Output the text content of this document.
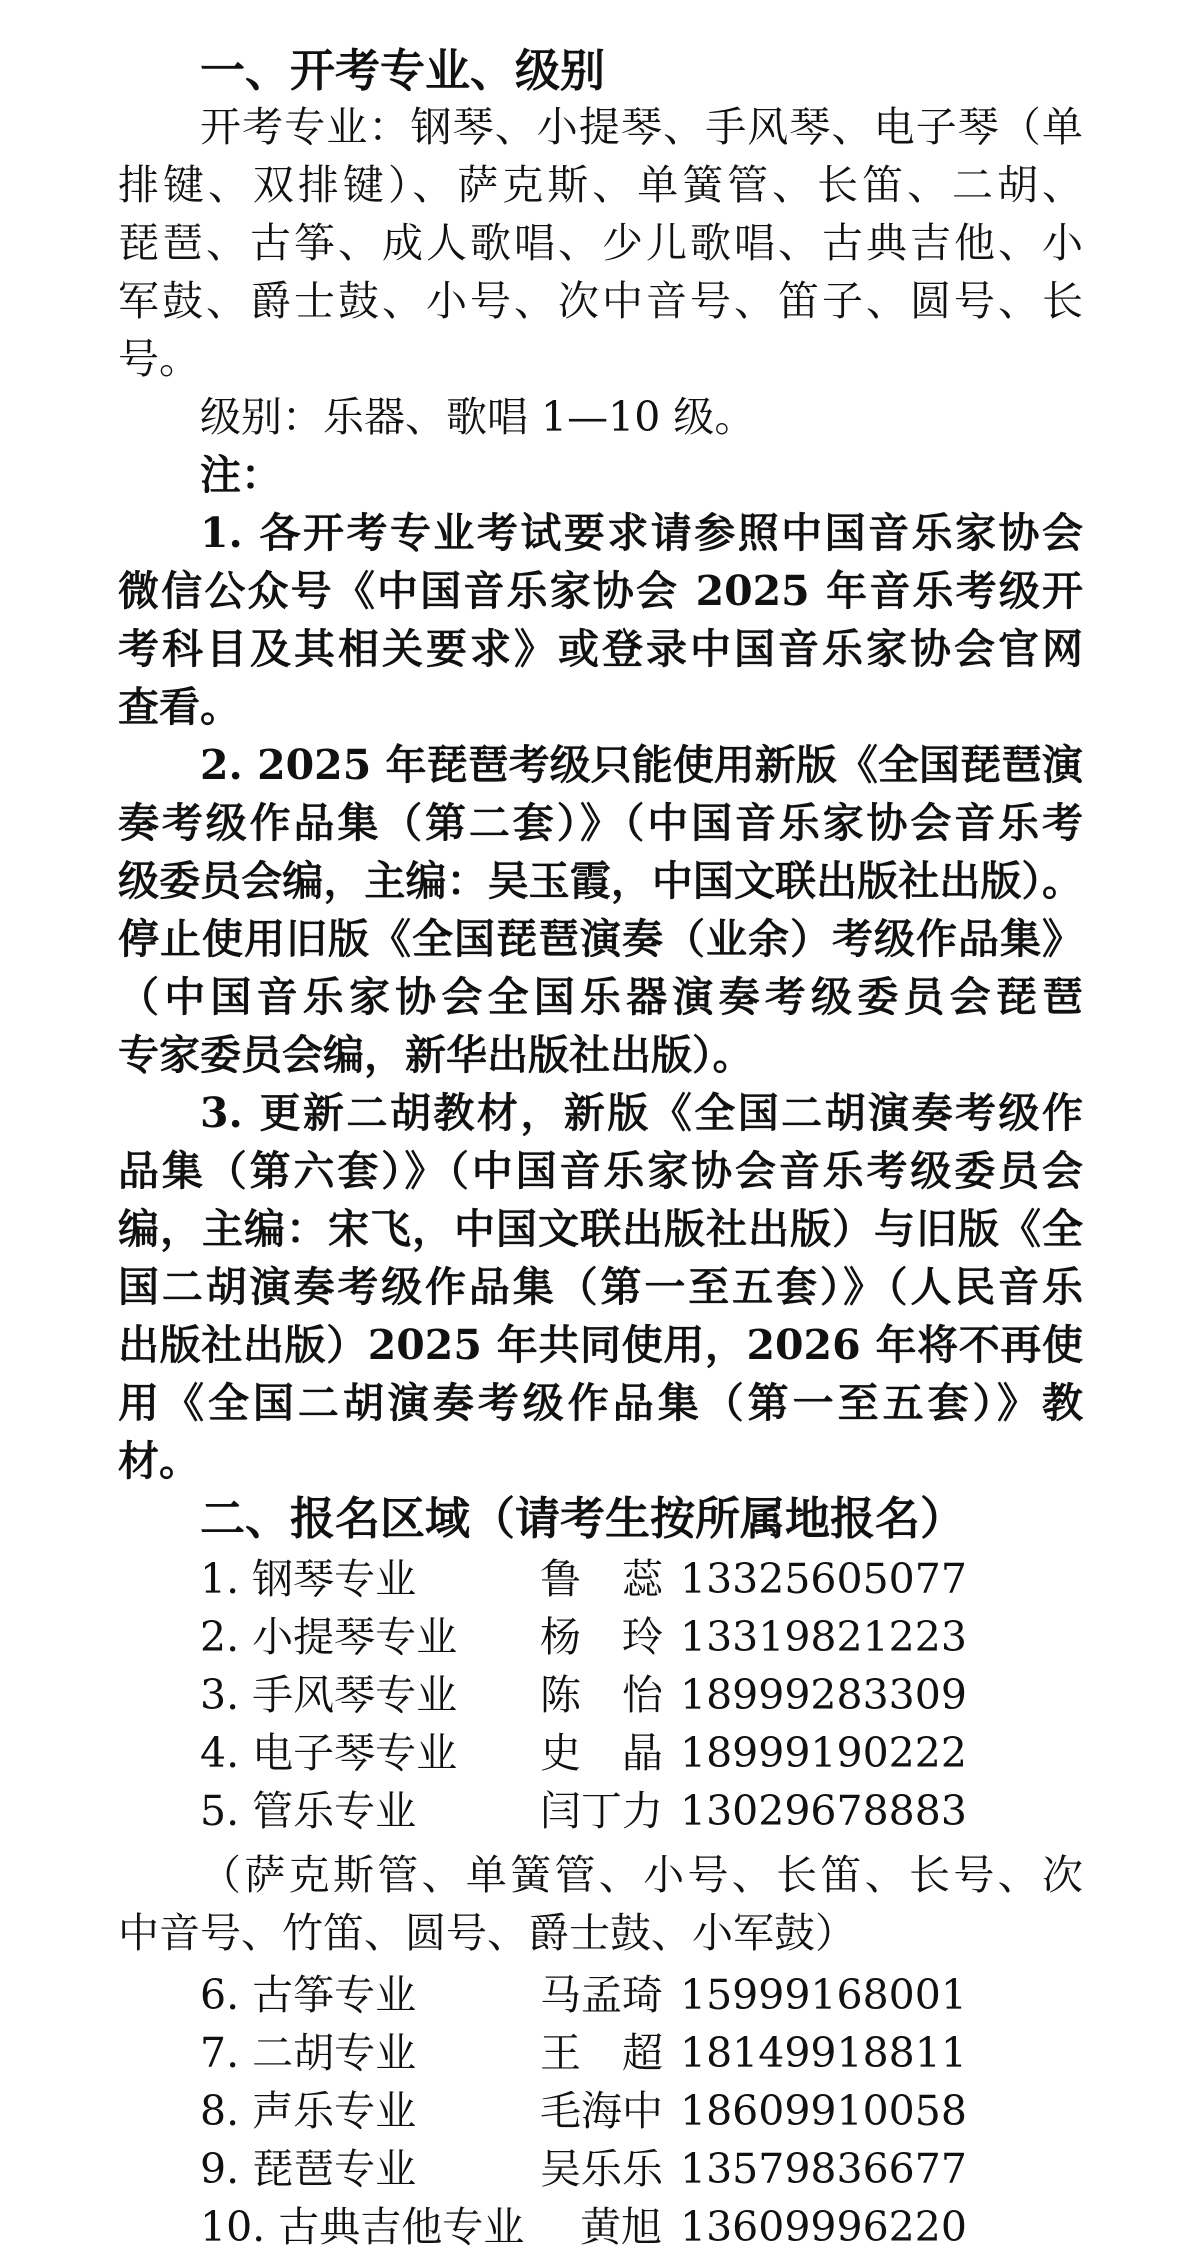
一、开考专业、级别
开考专业：钢琴、小提琴、手风琴、电子琴（单
排键、双排键）、萨克斯、单簧管、长笛、二胡、
琵琶、古筝、成人歌唱、少儿歌唱、古典吉他、小
军鼓、爵士鼓、小号、次中音号、笛子、圆号、长
号。
级别：乐器、歌唱 1—10 级。
注：
1. 各开考专业考试要求请参照中国音乐家协会
微信公众号《中国音乐家协会 2025 年音乐考级开
考科目及其相关要求》或登录中国音乐家协会官网
查看。
2. 2025 年琵琶考级只能使用新版《全国琵琶演
奏考级作品集（第二套）》（中国音乐家协会音乐考
级委员会编，主编：吴玉霞，中国文联出版社出版）。
停止使用旧版《全国琵琶演奏（业余）考级作品集》
（中国音乐家协会全国乐器演奏考级委员会琵琶
专家委员会编，新华出版社出版）。
3. 更新二胡教材，新版《全国二胡演奏考级作
品集（第六套）》（中国音乐家协会音乐考级委员会
编，主编：宋飞，中国文联出版社出版）与旧版《全
国二胡演奏考级作品集（第一至五套）》（人民音乐
出版社出版）2025 年共同使用，2026 年将不再使
用《全国二胡演奏考级作品集（第一至五套）》教
材。
二、报名区域（请考生按所属地报名）
1. 钢琴专业	鲁　蕊 13325605077
2. 小提琴专业 杨　玲 13319821223
3. 手风琴专业 陈　怡 18999283309
4. 电子琴专业 史　晶 18999190222
5. 管乐专业	闫丁力 13029678883
（萨克斯管、单簧管、小号、长笛、长号、次
中音号、竹笛、圆号、爵士鼓、小军鼓）
6. 古筝专业	马孟琦 15999168001
7. 二胡专业	王　超 18149918811
8. 声乐专业	毛海中 18609910058
9. 琵琶专业	吴乐乐 13579836677
10. 古典吉他专业 黄旭 13609996220
